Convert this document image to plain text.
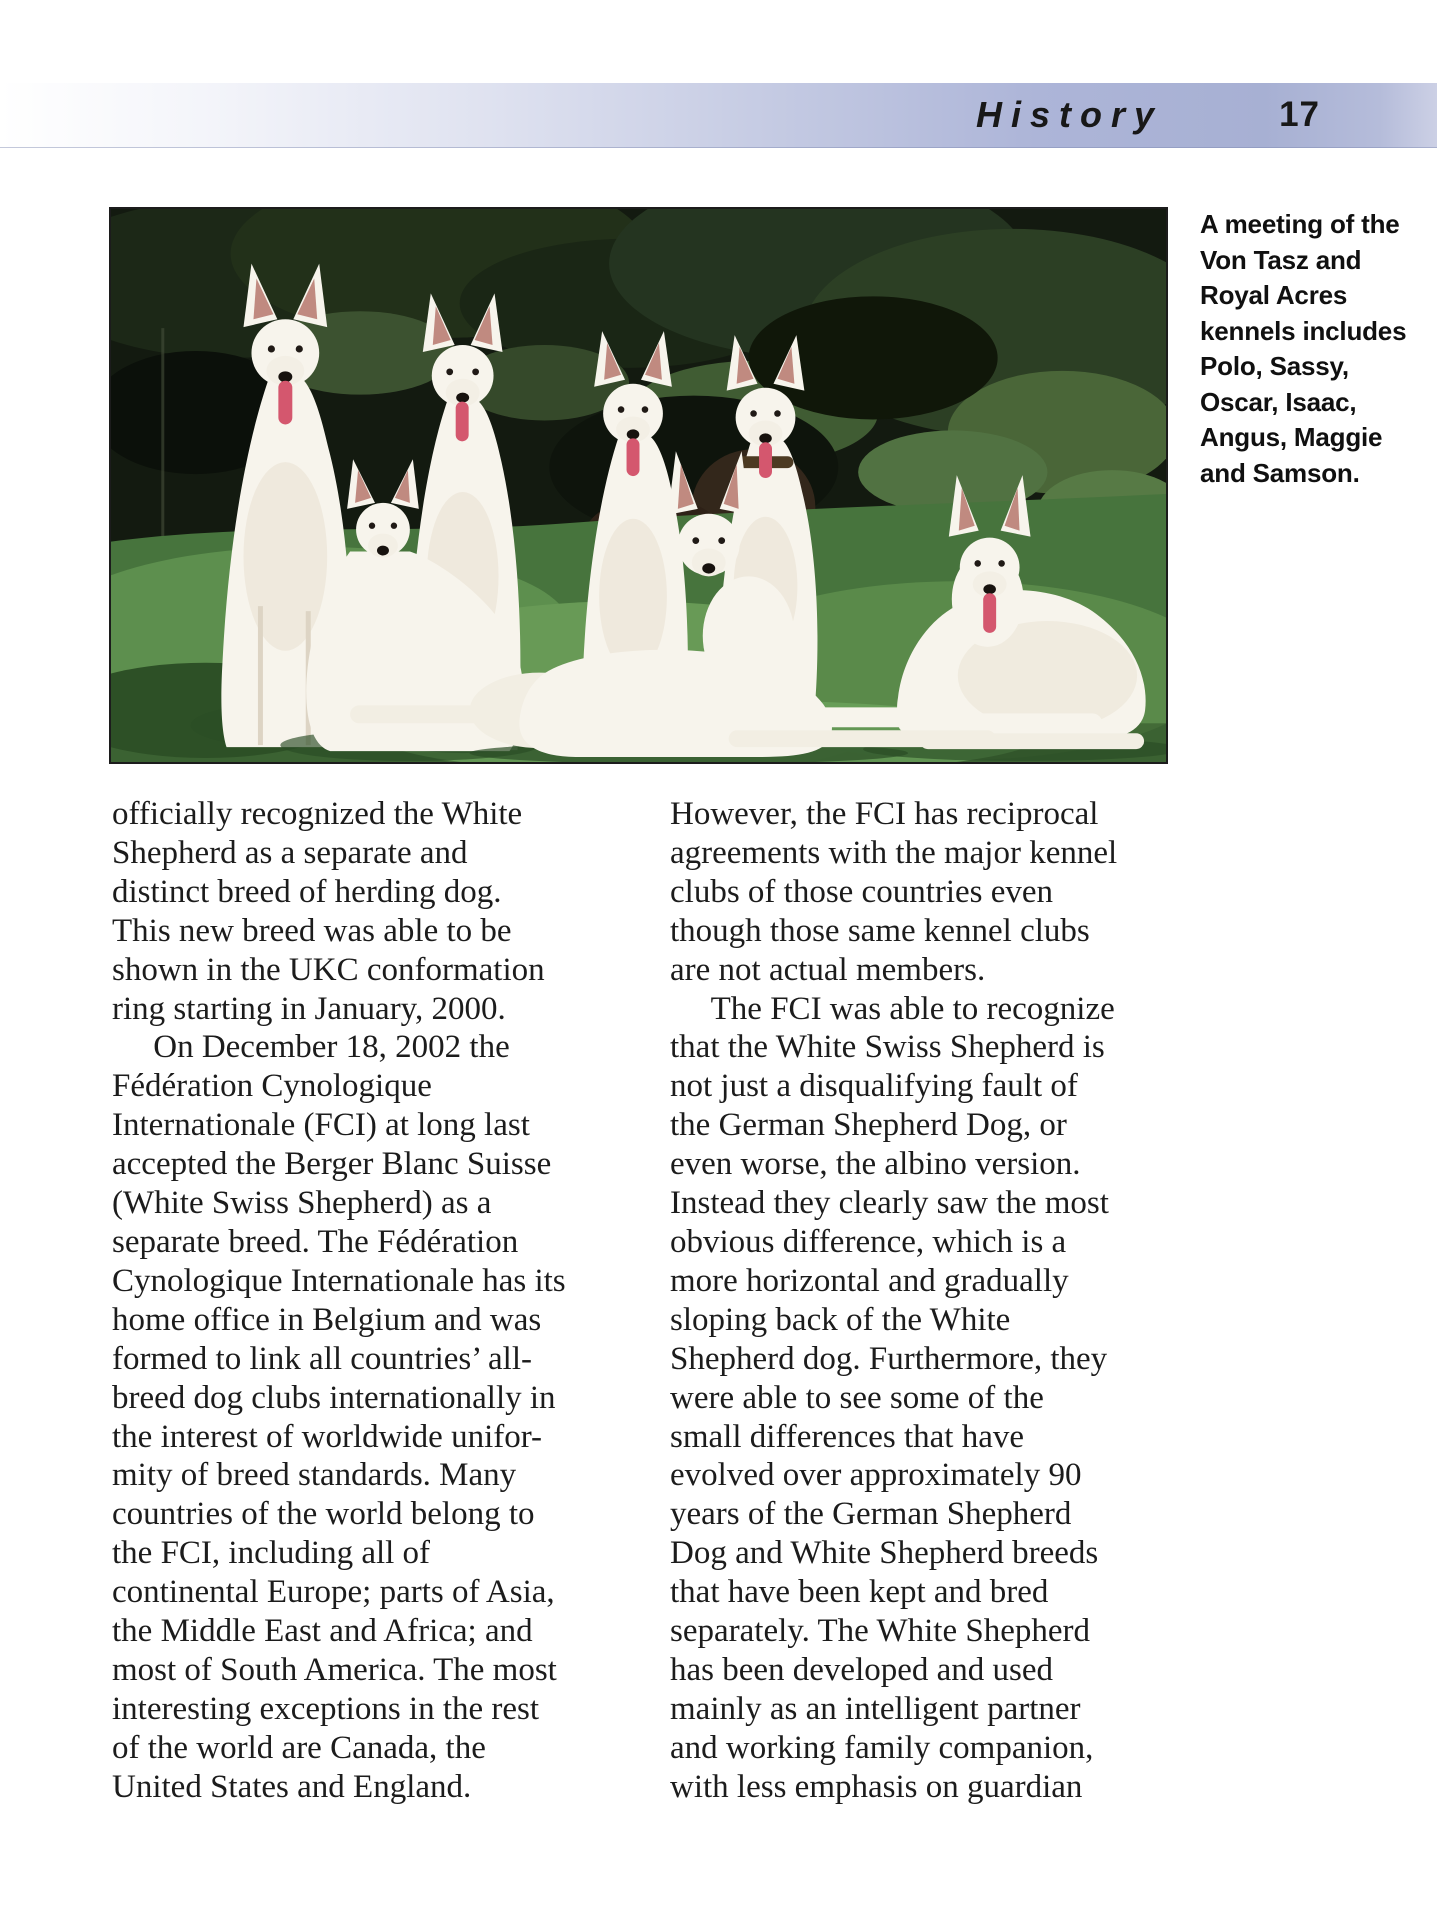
History	17
A meeting of the
Von Tasz and
Royal Acres
kennels includes
Polo, Sassy,
Oscar, Isaac,
Angus, Maggie
and Samson.
officially recognized the White
Shepherd as a separate and
distinct breed of herding dog.
This new breed was able to be
shown in the UKC conformation
ring starting in January, 2000.
On December 18, 2002 the
Fédération Cynologique
Internationale (FCI) at long last
accepted the Berger Blanc Suisse
(White Swiss Shepherd) as a
separate breed. The Fédération
Cynologique Internationale has its
home office in Belgium and was
formed to link all countries’ all-
breed dog clubs internationally in
the interest of worldwide unifor-
mity of breed standards. Many
countries of the world belong to
the FCI, including all of
continental Europe; parts of Asia,
the Middle East and Africa; and
most of South America. The most
interesting exceptions in the rest
of the world are Canada, the
United States and England.
However, the FCI has reciprocal
agreements with the major kennel
clubs of those countries even
though those same kennel clubs
are not actual members.
The FCI was able to recognize
that the White Swiss Shepherd is
not just a disqualifying fault of
the German Shepherd Dog, or
even worse, the albino version.
Instead they clearly saw the most
obvious difference, which is a
more horizontal and gradually
sloping back of the White
Shepherd dog. Furthermore, they
were able to see some of the
small differences that have
evolved over approximately 90
years of the German Shepherd
Dog and White Shepherd breeds
that have been kept and bred
separately. The White Shepherd
has been developed and used
mainly as an intelligent partner
and working family companion,
with less emphasis on guardian
